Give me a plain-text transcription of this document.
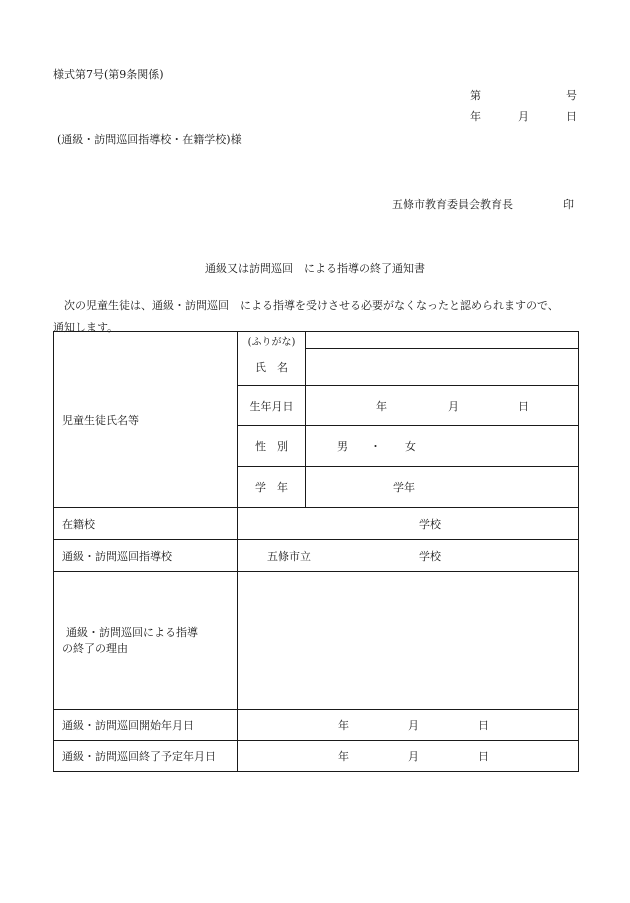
様式第7号(第9条関係)
第	号
年	月	日
(通級・訪問巡回指導校・在籍学校)様
五條市教育委員会教育長	印
通級又は訪問巡回　による指導の終了通知書
次の児童生徒は、通級・訪問巡回　による指導を受けさせる必要がなくなったと認められますので、
通知します。
児童生徒氏名等	(ふりがな)	
	氏　名	
	生年月日	年 月 日

	性　別	男 ・ 女

	学　年	学年

在籍校	学校	

通級・訪問巡回指導校	五條市立 学校	

通級・訪問巡回による指導
の終了の理由		

通級・訪問巡回開始年月日	年 月 日	

通級・訪問巡回終了予定年月日	年 月 日	
